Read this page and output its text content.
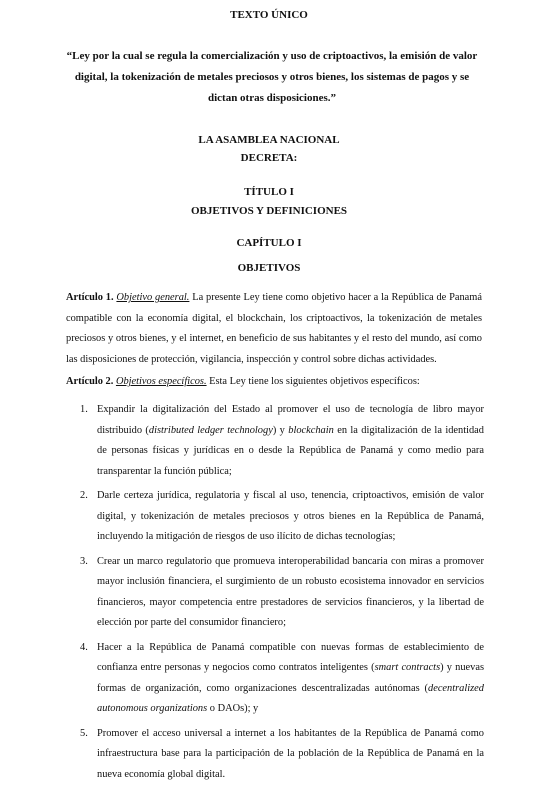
TEXTO ÚNICO
“Ley por la cual se regula la comercialización y uso de criptoactivos, la emisión de valor digital, la tokenización de metales preciosos y otros bienes, los sistemas de pagos y se dictan otras disposiciones.”
LA ASAMBLEA NACIONAL
DECRETA:
TÍTULO I
OBJETIVOS Y DEFINICIONES
CAPÍTULO I
OBJETIVOS

Artículo 1. Objetivo general. La presente Ley tiene como objetivo hacer a la República de Panamá compatible con la economía digital, el blockchain, los criptoactivos, la tokenización de metales preciosos y otros bienes, y el internet, en beneficio de sus habitantes y el resto del mundo, así como las disposiciones de protección, vigilancia, inspección y control sobre dichas actividades.

Artículo 2. Objetivos específicos. Esta Ley tiene los siguientes objetivos específicos:

1. Expandir la digitalización del Estado al promover el uso de tecnología de libro mayor distribuido (distributed ledger technology) y blockchain en la digitalización de la identidad de personas físicas y jurídicas en o desde la República de Panamá y como medio para transparentar la función pública;
2. Darle certeza jurídica, regulatoria y fiscal al uso, tenencia, criptoactivos, emisión de valor digital, y tokenización de metales preciosos y otros bienes en la República de Panamá, incluyendo la mitigación de riesgos de uso ilícito de dichas tecnologías;
3. Crear un marco regulatorio que promueva interoperabilidad bancaria con miras a promover mayor inclusión financiera, el surgimiento de un robusto ecosistema innovador en servicios financieros, mayor competencia entre prestadores de servicios financieros, y la libertad de elección por parte del consumidor financiero;
4. Hacer a la República de Panamá compatible con nuevas formas de establecimiento de confianza entre personas y negocios como contratos inteligentes (smart contracts) y nuevas formas de organización, como organizaciones descentralizadas autónomas (decentralized autonomous organizations o DAOs); y
5. Promover el acceso universal a internet a los habitantes de la República de Panamá como infraestructura base para la participación de la población de la República de Panamá en la nueva economía global digital.
